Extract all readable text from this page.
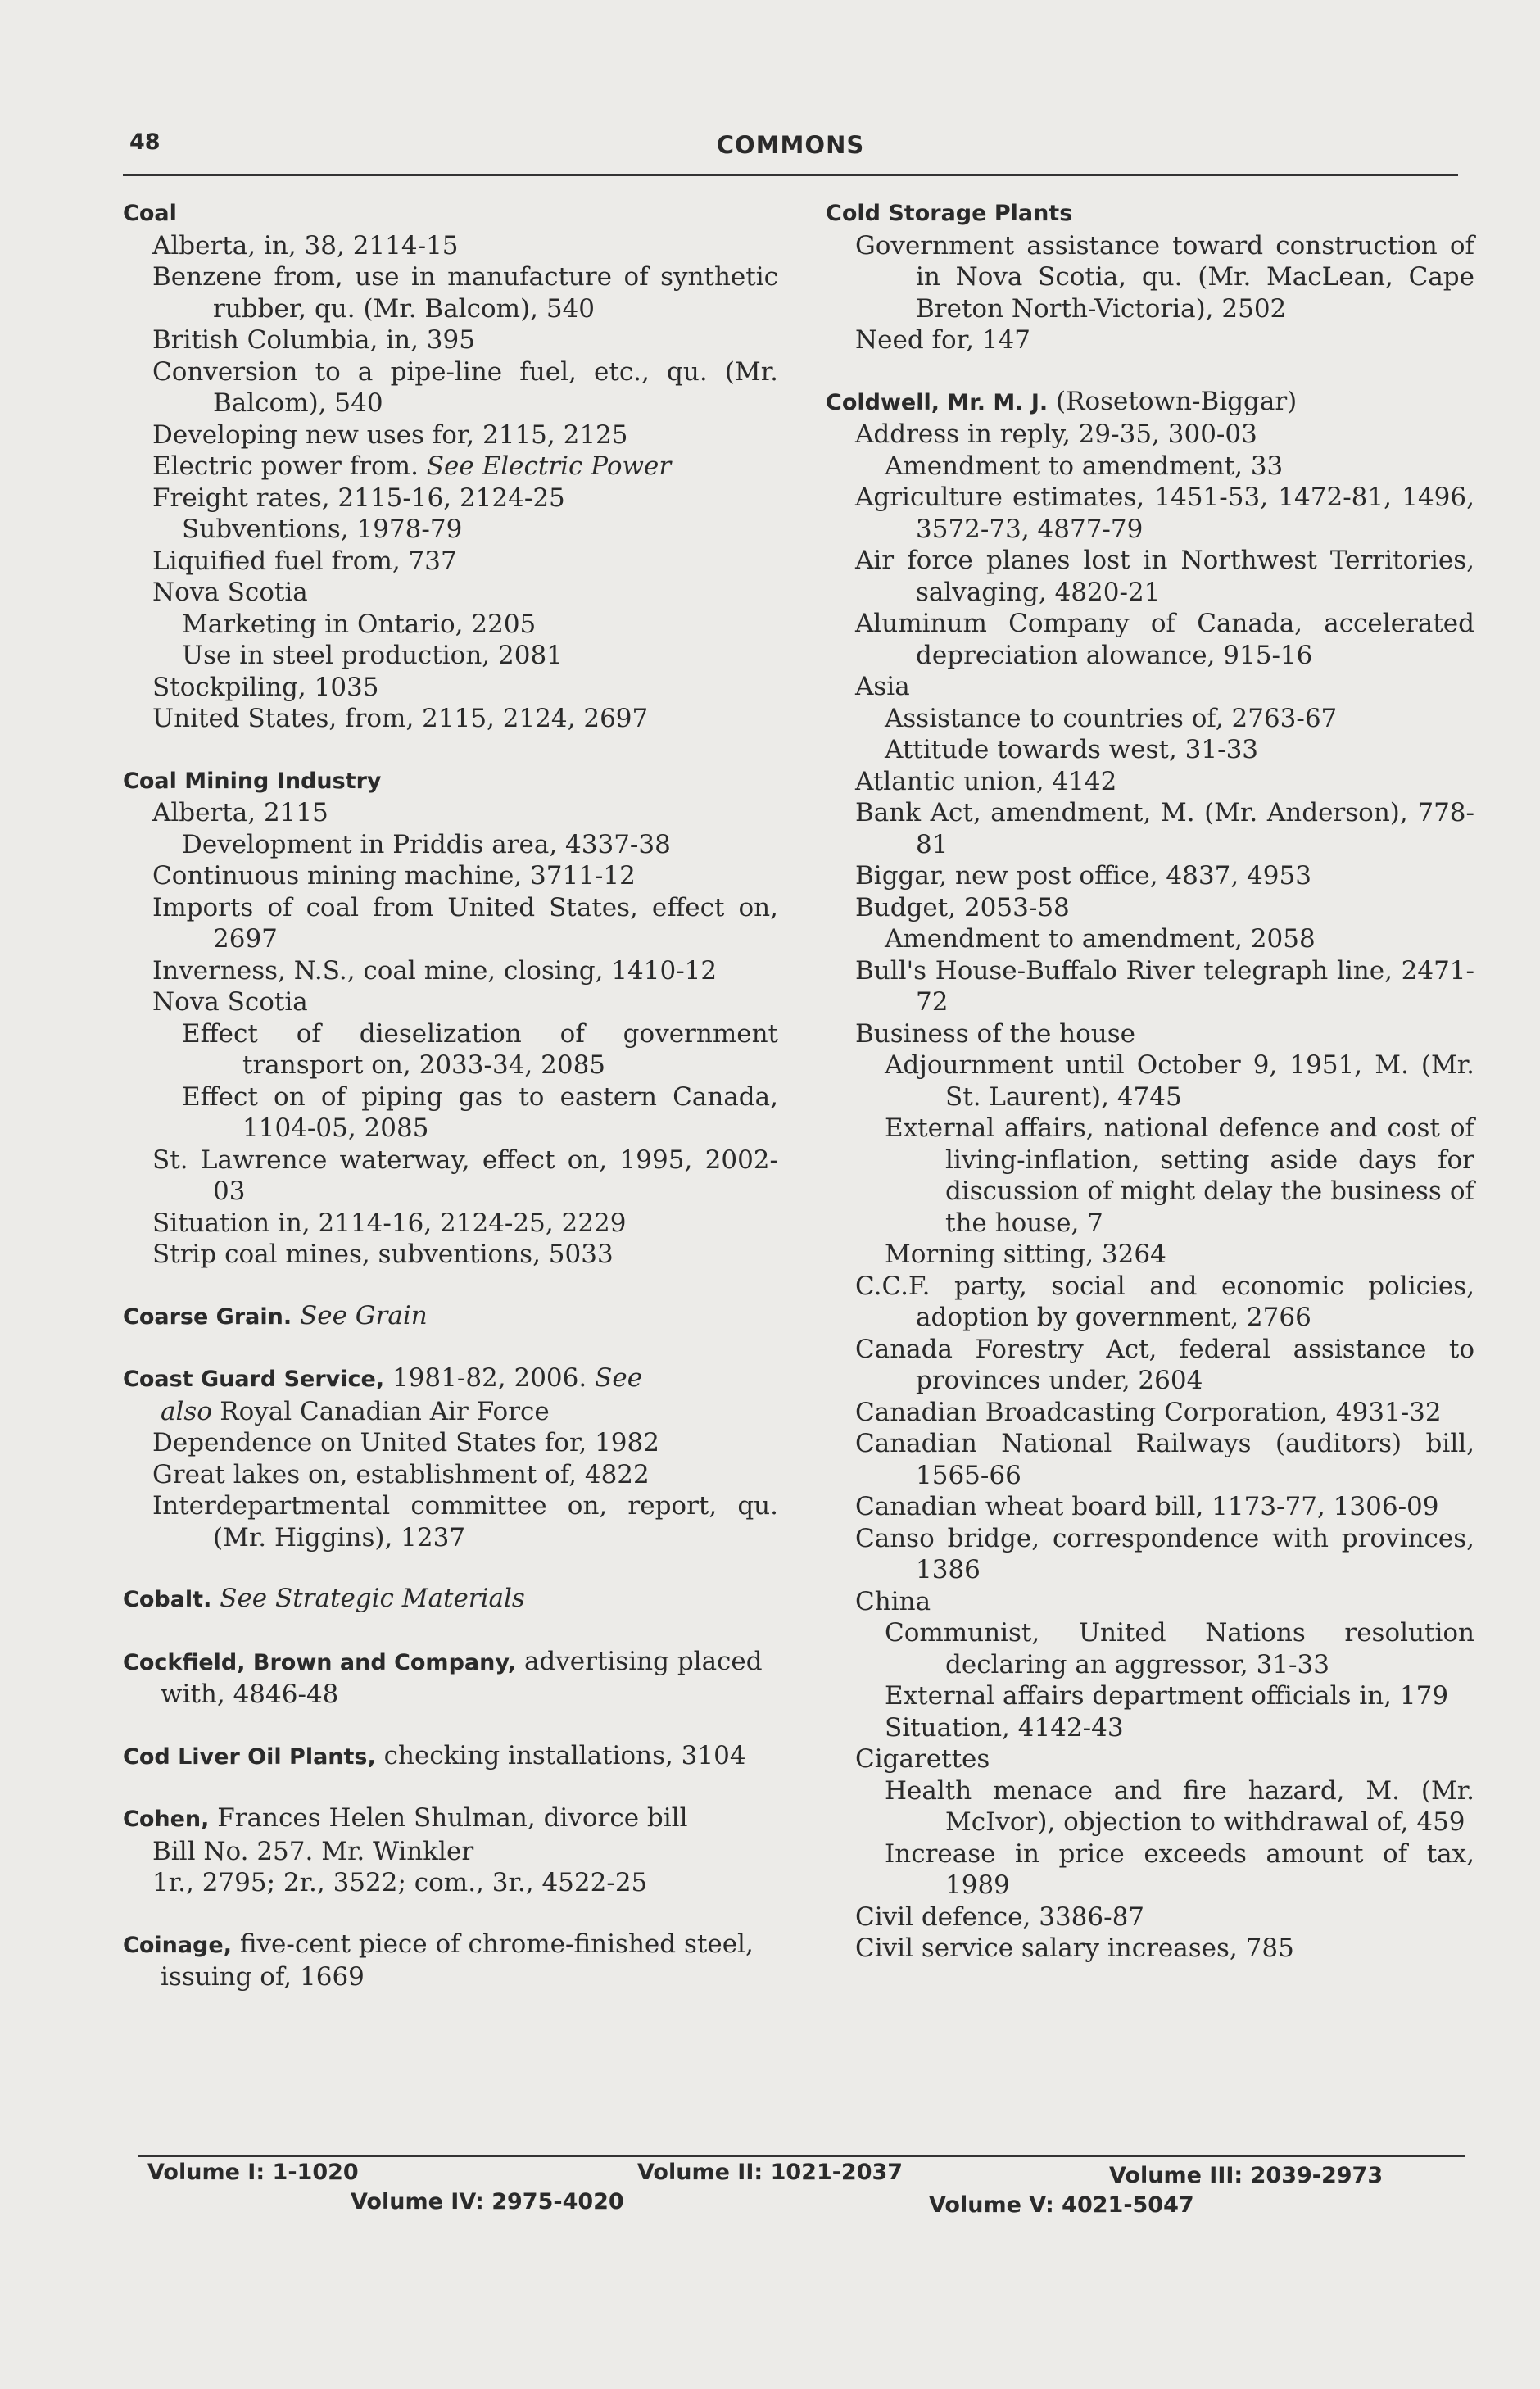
48	COMMONS
Coal
Alberta, in, 38, 2114-15
Benzene from, use in manufacture of synthetic rubber, qu. (Mr. Balcom), 540
British Columbia, in, 395
Conversion to a pipe-line fuel, etc., qu. (Mr. Balcom), 540
Developing new uses for, 2115, 2125
Electric power from. See Electric Power
Freight rates, 2115-16, 2124-25
Subventions, 1978-79
Liquified fuel from, 737
Nova Scotia
Marketing in Ontario, 2205
Use in steel production, 2081
Stockpiling, 1035
United States, from, 2115, 2124, 2697
Coal Mining Industry
Alberta, 2115
Development in Priddis area, 4337-38
Continuous mining machine, 3711-12
Imports of coal from United States, effect on, 2697
Inverness, N.S., coal mine, closing, 1410-12
Nova Scotia
Effect of dieselization of government transport on, 2033-34, 2085
Effect on of piping gas to eastern Canada, 1104-05, 2085
St. Lawrence waterway, effect on, 1995, 2002-03
Situation in, 2114-16, 2124-25, 2229
Strip coal mines, subventions, 5033
Coarse Grain. See Grain
Coast Guard Service, 1981-82, 2006. See also Royal Canadian Air Force
Dependence on United States for, 1982
Great lakes on, establishment of, 4822
Interdepartmental committee on, report, qu. (Mr. Higgins), 1237
Cobalt. See Strategic Materials
Cockfield, Brown and Company, advertising placed with, 4846-48
Cod Liver Oil Plants, checking installations, 3104
Cohen, Frances Helen Shulman, divorce bill
Bill No. 257. Mr. Winkler
1r., 2795; 2r., 3522; com., 3r., 4522-25
Coinage, five-cent piece of chrome-finished steel, issuing of, 1669
Cold Storage Plants
Government assistance toward construction of in Nova Scotia, qu. (Mr. MacLean, Cape Breton North-Victoria), 2502
Need for, 147
Coldwell, Mr. M. J. (Rosetown-Biggar)
Address in reply, 29-35, 300-03
Amendment to amendment, 33
Agriculture estimates, 1451-53, 1472-81, 1496, 3572-73, 4877-79
Air force planes lost in Northwest Territories, salvaging, 4820-21
Aluminum Company of Canada, accelerated depreciation alowance, 915-16
Asia
Assistance to countries of, 2763-67
Attitude towards west, 31-33
Atlantic union, 4142
Bank Act, amendment, M. (Mr. Anderson), 778-81
Biggar, new post office, 4837, 4953
Budget, 2053-58
Amendment to amendment, 2058
Bull's House-Buffalo River telegraph line, 2471-72
Business of the house
Adjournment until October 9, 1951, M. (Mr. St. Laurent), 4745
External affairs, national defence and cost of living-inflation, setting aside days for discussion of might delay the business of the house, 7
Morning sitting, 3264
C.C.F. party, social and economic policies, adoption by government, 2766
Canada Forestry Act, federal assistance to provinces under, 2604
Canadian Broadcasting Corporation, 4931-32
Canadian National Railways (auditors) bill, 1565-66
Canadian wheat board bill, 1173-77, 1306-09
Canso bridge, correspondence with provinces, 1386
China
Communist, United Nations resolution declaring an aggressor, 31-33
External affairs department officials in, 179
Situation, 4142-43
Cigarettes
Health menace and fire hazard, M. (Mr. McIvor), objection to withdrawal of, 459
Increase in price exceeds amount of tax, 1989
Civil defence, 3386-87
Civil service salary increases, 785
Volume I: 1-1020	Volume II: 1021-2037	Volume III: 2039-2973
Volume IV: 2975-4020	Volume V: 4021-5047
